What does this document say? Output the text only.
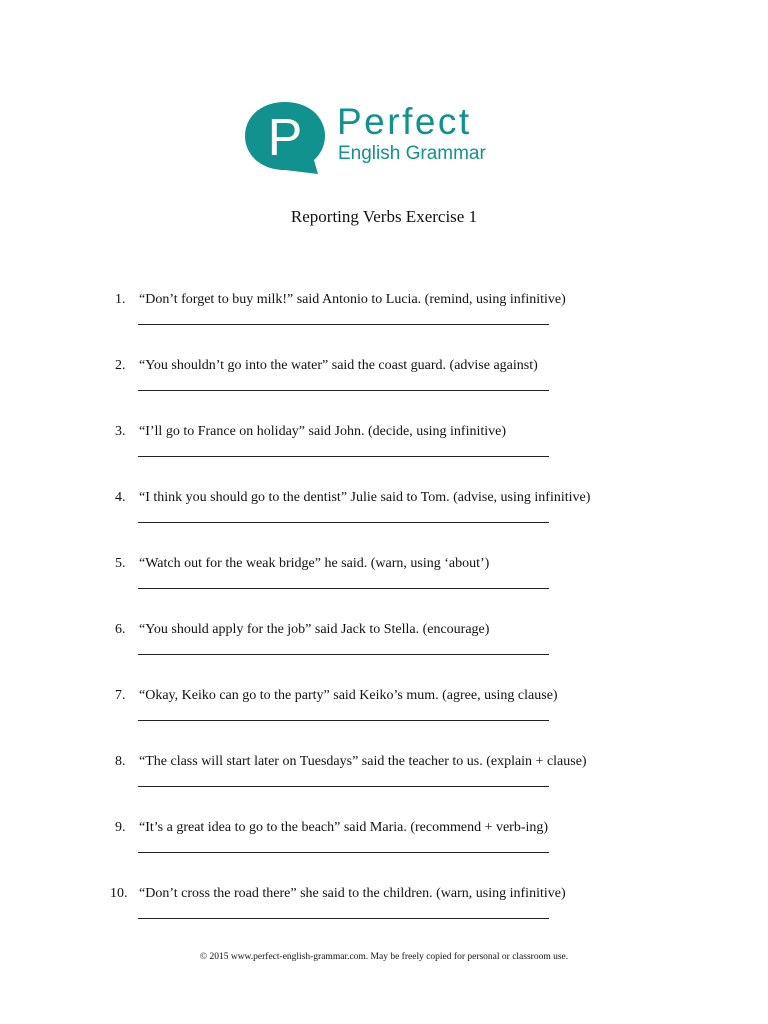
P Perfect
English Grammar
Reporting Verbs Exercise 1
1. “Don’t forget to buy milk!” said Antonio to Lucia. (remind, using infinitive)
2. “You shouldn’t go into the water” said the coast guard. (advise against)
3. “I’ll go to France on holiday” said John. (decide, using infinitive)
4. “I think you should go to the dentist” Julie said to Tom. (advise, using infinitive)
5. “Watch out for the weak bridge” he said. (warn, using ‘about’)
6. “You should apply for the job” said Jack to Stella. (encourage)
7. “Okay, Keiko can go to the party” said Keiko’s mum. (agree, using clause)
8. “The class will start later on Tuesdays” said the teacher to us. (explain + clause)
9. “It’s a great idea to go to the beach” said Maria. (recommend + verb-ing)
10. “Don’t cross the road there” she said to the children. (warn, using infinitive)
© 2015 www.perfect-english-grammar.com. May be freely copied for personal or classroom use.
